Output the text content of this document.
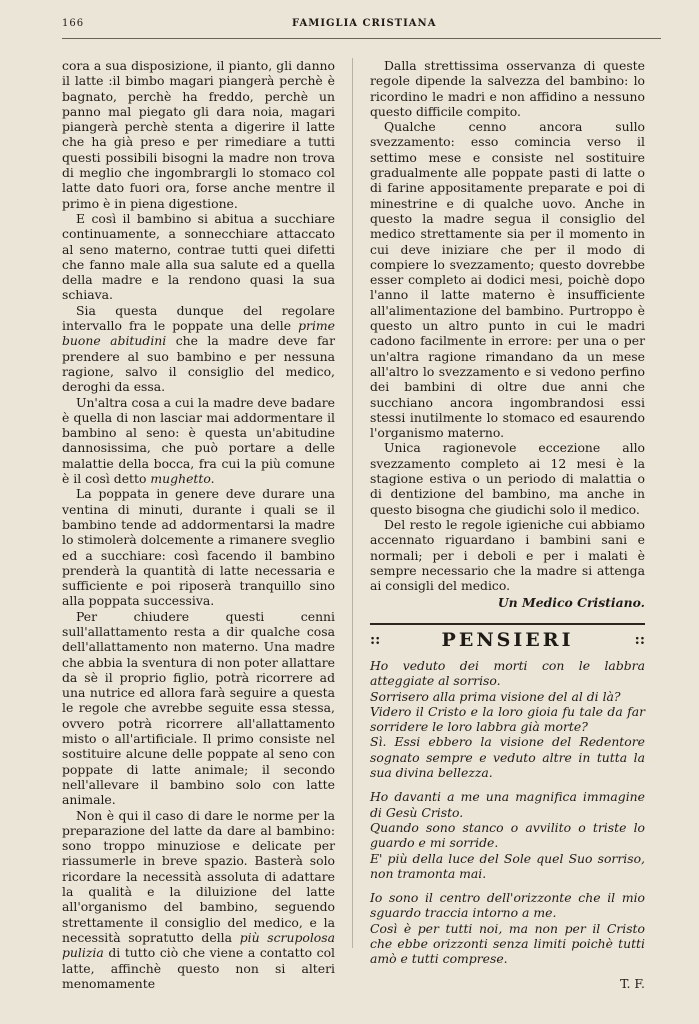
166	FAMIGLIA CRISTIANA

cora a sua disposizione, il pianto, gli danno il latte :il bimbo magari piangerà perchè è bagnato, perchè ha freddo, perchè un panno mal piegato gli dara noia, magari piangerà perchè stenta a digerire il latte che ha già preso e per rimediare a tutti questi possibili bisogni la madre non trova di meglio che ingombrargli lo stomaco col latte dato fuori ora, forse anche mentre il primo è in piena digestione.

E così il bambino si abitua a succhiare continuamente, a sonnecchiare attaccato al seno materno, contrae tutti quei difetti che fanno male alla sua salute ed a quella della madre e la rendono quasi la sua schiava.

Sia questa dunque del regolare intervallo fra le poppate una delle prime buone abitudini che la madre deve far prendere al suo bambino e per nessuna ragione, salvo il consiglio del medico, deroghi da essa.

Un'altra cosa a cui la madre deve badare è quella di non lasciar mai addormentare il bambino al seno: è questa un'abitudine dannosissima, che può portare a delle malattie della bocca, fra cui la più comune è il così detto mughetto.

La poppata in genere deve durare una ventina di minuti, durante i quali se il bambino tende ad addormentarsi la madre lo stimolerà dolcemente a rimanere sveglio ed a succhiare: così facendo il bambino prenderà la quantità di latte necessaria e sufficiente e poi riposerà tranquillo sino alla poppata successiva.

Per chiudere questi cenni sull'allattamento resta a dir qualche cosa dell'allattamento non materno. Una madre che abbia la sventura di non poter allattare da sè il proprio figlio, potrà ricorrere ad una nutrice ed allora farà seguire a questa le regole che avrebbe seguite essa stessa, ovvero potrà ricorrere all'allattamento misto o all'artificiale. Il primo consiste nel sostituire alcune delle poppate al seno con poppate di latte animale; il secondo nell'allevare il bambino solo con latte animale.

Non è qui il caso di dare le norme per la preparazione del latte da dare al bambino: sono troppo minuziose e delicate per riassumerle in breve spazio. Basterà solo ricordare la necessità assoluta di adattare la qualità e la diluizione del latte all'organismo del bambino, seguendo strettamente il consiglio del medico, e la necessità sopratutto della più scrupolosa pulizia di tutto ciò che viene a contatto col latte, affinchè questo non si alteri menomamente

Dalla strettissima osservanza di queste regole dipende la salvezza del bambino: lo ricordino le madri e non affidino a nessuno questo difficile compito.

Qualche cenno ancora sullo svezzamento: esso comincia verso il settimo mese e consiste nel sostituire gradualmente alle poppate pasti di latte o di farine appositamente preparate e poi di minestrine e di qualche uovo. Anche in questo la madre segua il consiglio del medico strettamente sia per il momento in cui deve iniziare che per il modo di compiere lo svezzamento; questo dovrebbe esser completo ai dodici mesi, poichè dopo l'anno il latte materno è insufficiente all'alimentazione del bambino. Purtroppo è questo un altro punto in cui le madri cadono facilmente in errore: per una o per un'altra ragione rimandano da un mese all'altro lo svezzamento e si vedono perfino dei bambini di oltre due anni che succhiano ancora ingombrandosi essi stessi inutilmente lo stomaco ed esaurendo l'organismo materno.

Unica ragionevole eccezione allo svezzamento completo ai 12 mesi è la stagione estiva o un periodo di malattia o di dentizione del bambino, ma anche in questo bisogna che giudichi solo il medico.

Del resto le regole igieniche cui abbiamo accennato riguardano i bambini sani e normali; per i deboli e per i malati è sempre necessario che la madre si attenga ai consigli del medico.

Un Medico Cristiano.
::	PENSIERI	::

Ho veduto dei morti con le labbra atteggiate al sorriso.
Sorrisero alla prima visione del al di là?
Videro il Cristo e la loro gioia fu tale da far sorridere le loro labbra già morte?
Sì. Essi ebbero la visione del Redentore sognato sempre e veduto altre in tutta la sua divina bellezza.

Ho davanti a me una magnifica immagine di Gesù Cristo.
Quando sono stanco o avvilito o triste lo guardo e mi sorride.
E' più della luce del Sole quel Suo sorriso, non tramonta mai.

Io sono il centro dell'orizzonte che il mio sguardo traccia intorno a me.
Così è per tutti noi, ma non per il Cristo che ebbe orizzonti senza limiti poichè tutti amò e tutti comprese.

T. F.
